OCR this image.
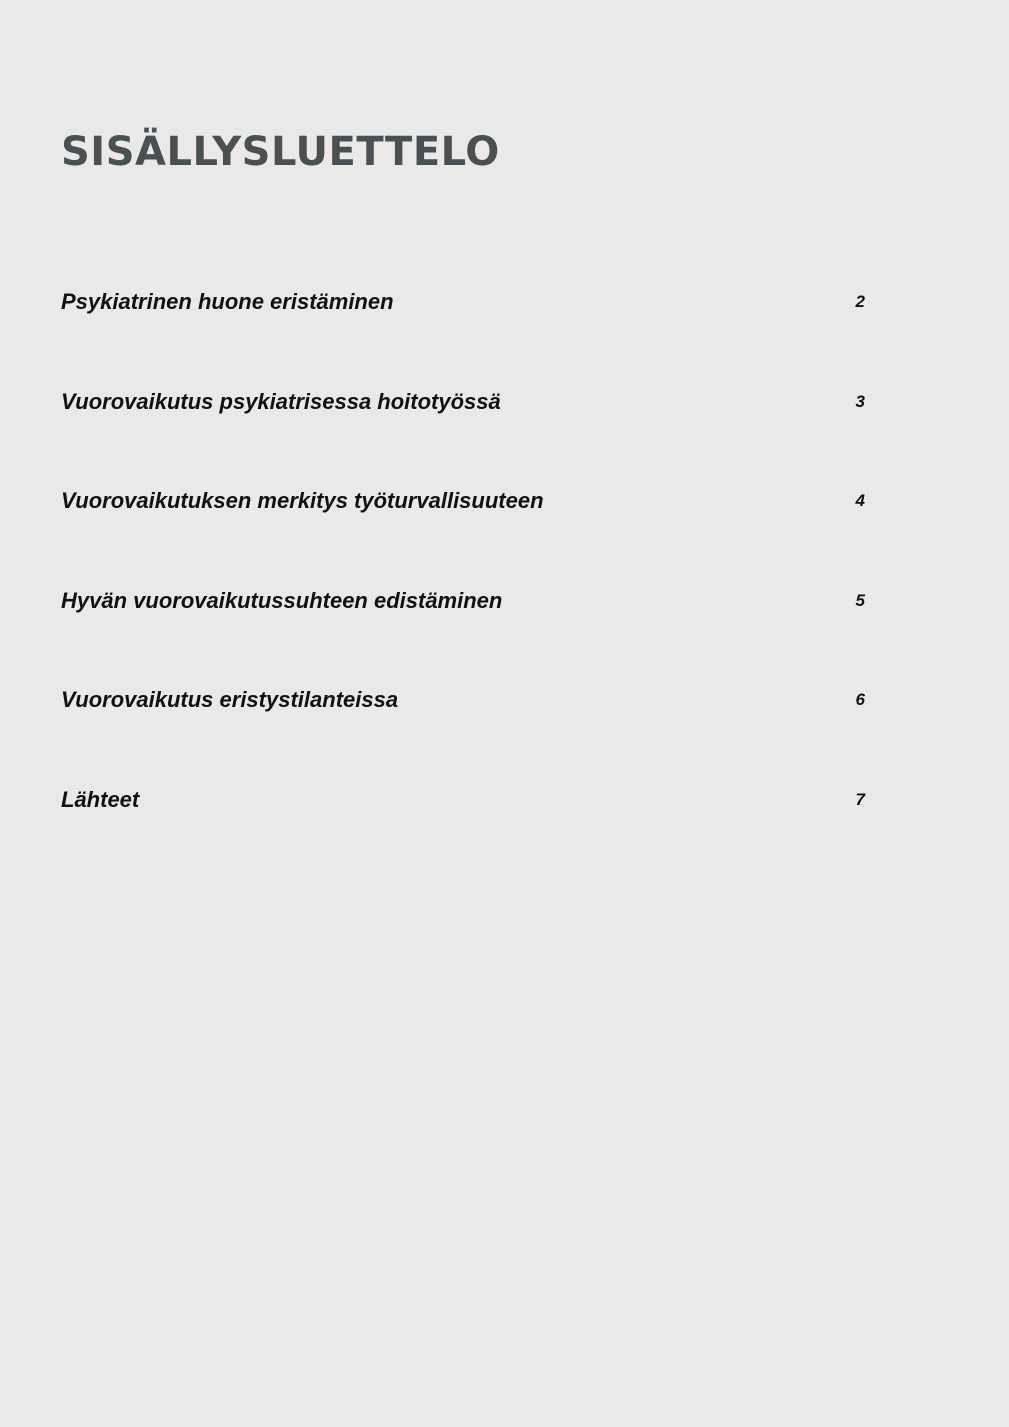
SISÄLLYSLUETTELO
Psykiatrinen huone eristäminen	2
Vuorovaikutus psykiatrisessa hoitotyössä	3
Vuorovaikutuksen merkitys työturvallisuuteen	4
Hyvän vuorovaikutussuhteen edistäminen	5
Vuorovaikutus eristystilanteissa	6
Lähteet	7
